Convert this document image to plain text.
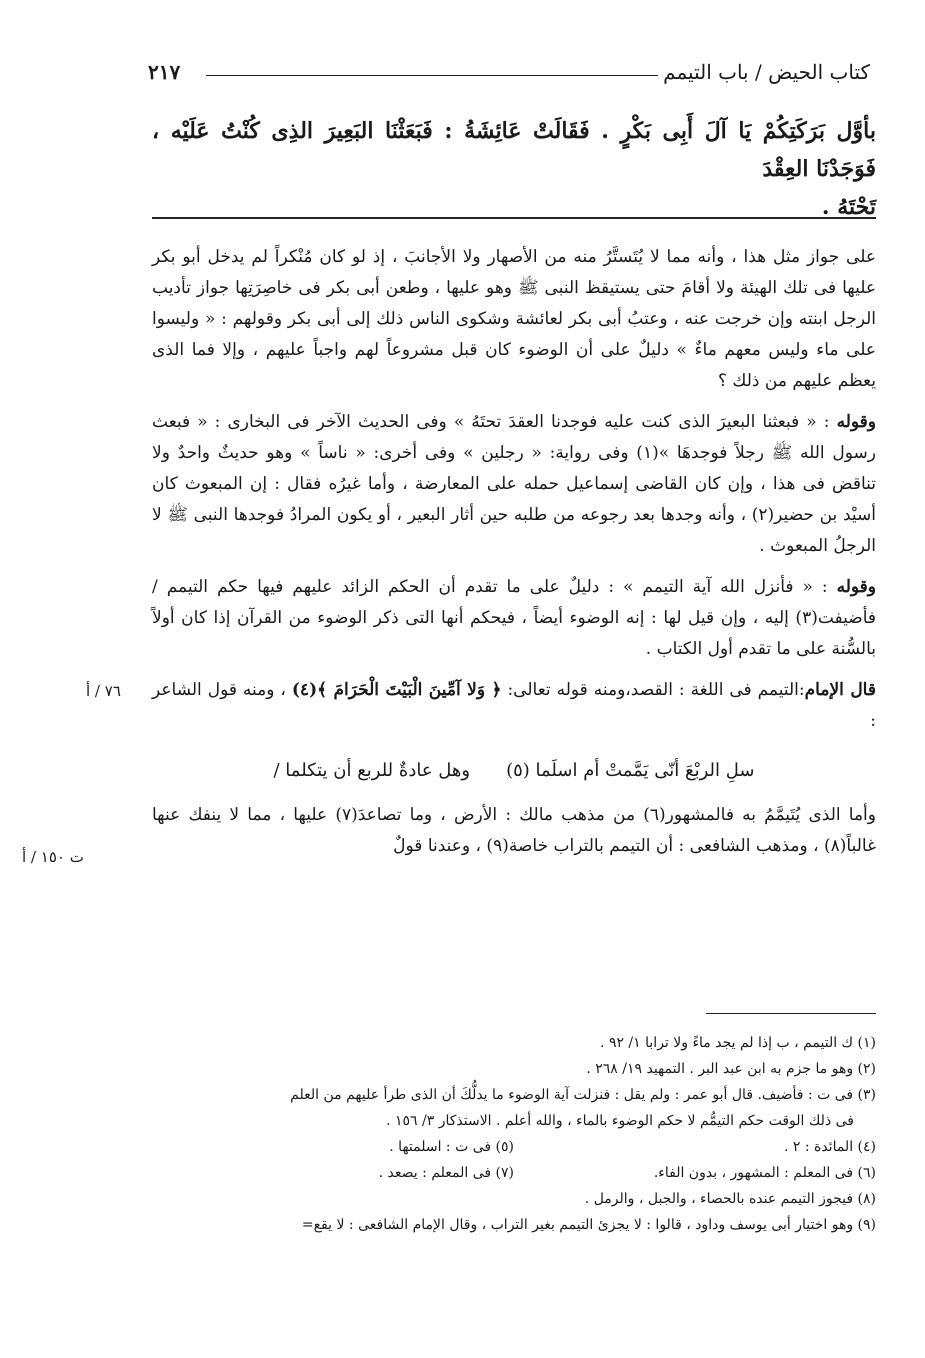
كتاب الحيض / باب التيمم
٢١٧
بأوَّل بَرَكَتِكُمْ يَا آلَ أَبِى بَكْرٍ . فَقَالَتْ عَائِشَةُ : فَبَعَثْنَا البَعِيرَ الذِى كُنْتُ عَلَيْه ، فَوَجَدْنَا العِقْدَ
تَحْتَهُ .

على جواز مثل هذا ، وأنه مما لا يُتَستَّرُ منه من الأصهار ولا الأجانبَ ، إذ لو كان مُنْكراً لم يدخل أبو بكر عليها فى تلك الهيئة ولا أقامَ حتى يستيقظ النبى ﷺ وهو عليها ، وطعن أبى بكر فى خاصِرَتِها جواز تأديب الرجل ابنته وإن خرجت عنه ، وعتبُ أبى بكر لعائشة وشكوى الناس ذلك إلى أبى بكر وقولهم : « وليسوا على ماء وليس معهم ماءٌ » دليلٌ على أن الوضوء كان قبل مشروعاً لهم واجباً عليهم ، وإلا فما الذى يعظم عليهم من ذلك ؟

وقوله : « فبعثنا البعيرَ الذى كنت عليه فوجدنا العقدَ تحتَهُ » وفى الحديث الآخر فى البخارى : « فبعث رسول الله ﷺ رجلاً فوجدهَا »(١) وفى رواية: « رجلين » وفى أخرى: « ناساً » وهو حديثٌ واحدٌ ولا تناقض فى هذا ، وإن كان القاضى إسماعيل حمله على المعارضة ، وأما غيرُه فقال : إن المبعوث كان أسيْد بن حضير(٢) ، وأنه وجدها بعد رجوعه من طلبه حين أثار البعير ، أو يكون المرادُ فوجدها النبى ﷺ لا الرجلُ المبعوث .

وقوله : « فأنزل الله آية التيمم » : دليلٌ على ما تقدم أن الحكم الزائد عليهم فيها حكم التيمم / فأضيفت(٣) إليه ، وإن قيل لها : إنه الوضوء أيضاً ، فيحكم أنها التى ذكر الوضوء من القرآن إذا كان أولاً بالسُّنة على ما تقدم أول الكتاب .

قال الإمام:التيمم فى اللغة : القصد،ومنه قوله تعالى: ﴿ وَلا آمِّينَ الْبَيْتَ الْحَرَامَ ﴾(٤) ، ومنه قول الشاعر :

سلِ الربْعَ أنّى يَمَّمتْ أم اسلَما (٥)وهل عادةٌ للربع أن يتكلما /

وأما الذى يُتَيمَّمُ به فالمشهور(٦) من مذهب مالك : الأرض ، وما تصاعدَ(٧) عليها ، مما لا ينفك عنها غالباً(٨) ، ومذهب الشافعى : أن التيمم بالتراب خاصة(٩) ، وعندنا قولٌ

٧٦ / أ
ت ١٥٠ / أ

(١) ك التيمم ، ب إذا لم يجد ماءً ولا ترابا ١/ ٩٢ .

(٢) وهو ما جزم به ابن عبد البر . التمهيد ١٩/ ٢٦٨ .

(٣) فى ت : فأضيف. قال أبو عمر : ولم يقل : فنزلت آية الوضوء ما يدلُّكَ أن الذى طرأ عليهم من العلم

فى ذلك الوقت حكم التيمُّم لا حكم الوضوء بالماء ، والله أعلم . الاستذكار ٣/ ١٥٦ .

(٤) المائدة : ٢ .

(٥) فى ت : اسلمتها .

(٦) فى المعلم : المشهور ، بدون الفاء.

(٧) فى المعلم : يصعد .

(٨) فيجوز التيمم عنده بالحصاء ، والجبل ، والرمل .

(٩) وهو اختيار أبى يوسف وداود ، قالوا : لا يجزئ التيمم بغير التراب ، وقال الإمام الشافعى : لا يقع=
